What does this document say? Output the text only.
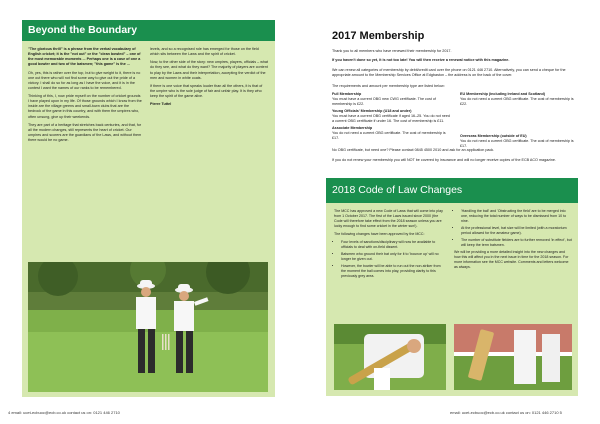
Beyond the Boundary

"The glorious thrill" is a phrase from the verbal vocabulary of English cricket; it is the "not out" or the "clean bowled" – one of the most memorable moments ... Perhaps one is a case of one a good bowler and two of the batsmen; "this game" is the ...

Oh, yes, this is rather over the top, but to give weight to it, there is no one out there who will not find some way to give out the pride of a victory. I shall do so for as long as I have the voice, and it is in the contest I want the names of our ranks to be remembered.

Thinking of this, I, now pride myself on the number of cricket grounds I have played upon in my life. Of those grounds which I know from the inside are the village greens and small-town clubs that are the bedrock of the game in this country, and with them the umpires who, often unsung, give up their weekends.

They are part of a heritage that stretches back centuries, and that, for all the modern changes, still represents the heart of cricket. Our umpires and scorers are the guardians of the Laws, and without them there would be no game.

levels, and so a recognised role has emerged for those on the field which sits between the Laws and the spirit of cricket.

Now, to the other side of the story: new umpires, players, officials – what do they see, and what do they want? The majority of players are content to play by the Laws and their interpretation, accepting the verdict of the men and women in white coats.

If there is one voice that speaks louder than all the others, it is that of the umpire who is the sole judge of fair and unfair play. It is they who keep the spirit of the game alive.

Pierre Tuttel

4 email: ucet-ecbuoc@ecb.co.uk contact us on: 0121 446 2710
2017 Membership

Thank you to all members who have renewed their membership for 2017.

If you haven't done so yet, it is not too late! You will then receive a renewal notice with this magazine.

We can renew all categories of membership by debit/credit card over the phone on 0121 446 2710. Alternatively, you can send a cheque for the appropriate amount to the Membership Services Office at Edgbaston – the address is on the back of the cover.

The requirements and amount per membership type are listed below:

Full Membership

You must have a current OBG new CWG certificate. The cost of membership is £22.

Young Officials' Membership (U18 and under)

You must have a current OBG certificate if aged 16–25. You do not need a current OBG certificate if under 16. The cost of membership is £11.

Associate Membership

You do not need a current OBG certificate. The cost of membership is £17.

EU Membership (including Ireland and Scotland)

You do not need a current OBG certificate. The cost of membership is £22.

Overseas Membership (outside of EU)

You do not need a current OBG certificate. The cost of membership is £17.

No OBG certificate, but need one? Please contact 0845 4500 2010 and ask for an application pack.

If you do not renew your membership you will NOT be covered by insurance and will no longer receive copies of the ECB ACO magazine.

2018 Code of Law Changes

The MCC has approved a new Code of Laws that will come into play from 1 October 2017. The first of the Laws issued since 2000 (the Code will therefore take effect from the 2018 season unless you are lucky enough to find some cricket in the winter sun!).

The following changes have been approved by the MCC:

• Four levels of sanctions/disciplinary will now be available to officials to deal with on-field dissent.
• Batsmen who ground their bat only for it to 'bounce up' will no longer be given out.
• However, the bowler will be able to run out the non-striker from the moment the ball comes into play, providing clarity to this previously grey area.
• 'Handling the ball' and 'Obstructing the field' are to be merged into one, reducing the total number of ways to be dismissed from 10 to nine.
• At the professional level, bat size will be limited (with a moratorium period allowed for the amateur game).
• The number of substitute fielders are to further removed 'in effect', but will keep the term batsmen.

We will be providing a more detailed insight into the new changes and how this will affect you in the next issue in time for the 2018 season. For more information see the MCC website. Comments and letters welcome as always.

email: ucet-ecbuoc@ecb.co.uk contact us on: 0121 446 2710 5
